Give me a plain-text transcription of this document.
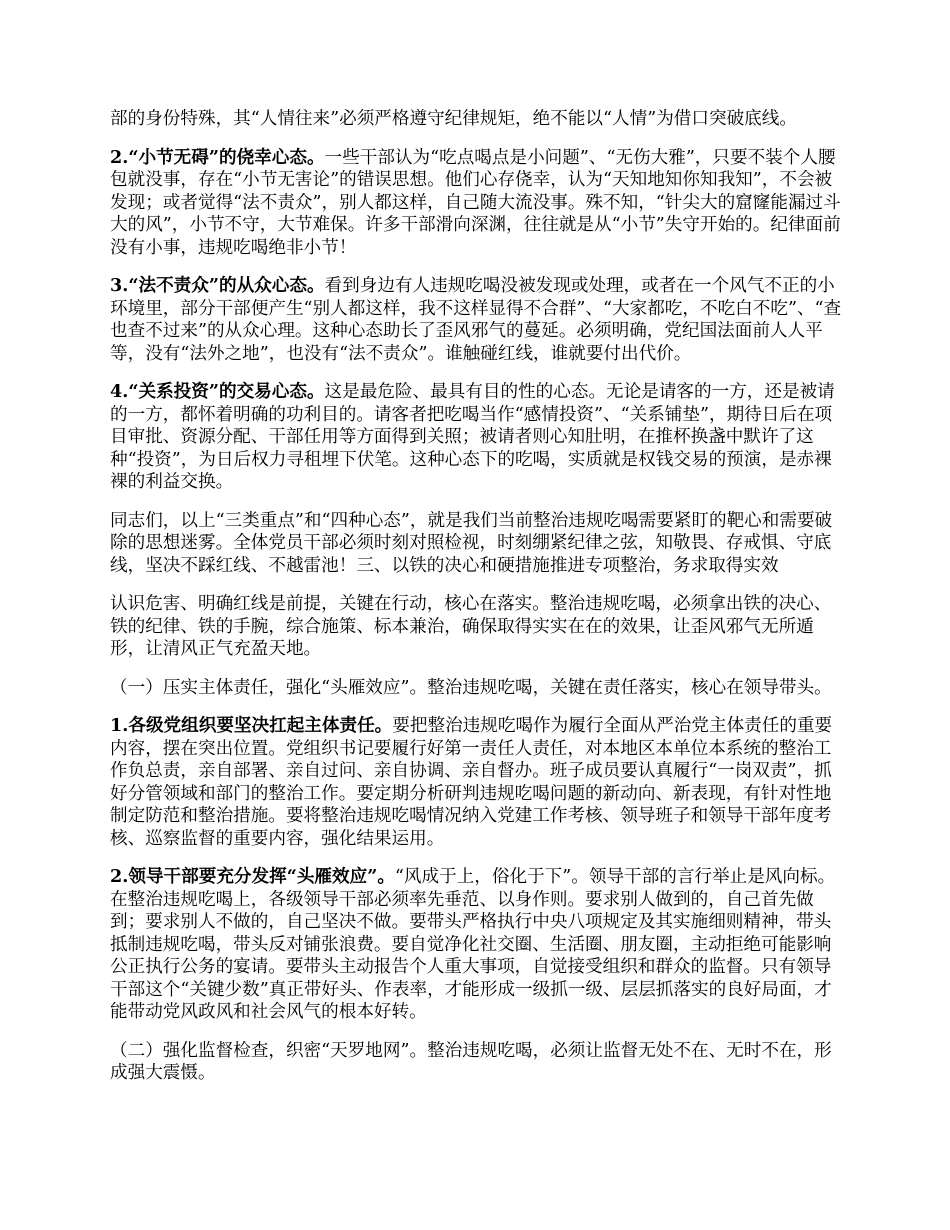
部的身份特殊，其“人情往来”必须严格遵守纪律规矩，绝不能以“人情”为借口突破底线。

2.“小节无碍”的侥幸心态。一些干部认为“吃点喝点是小问题”、“无伤大雅”，只要不装个人腰包就没事，存在“小节无害论”的错误思想。他们心存侥幸，认为“天知地知你知我知”，不会被发现；或者觉得“法不责众”，别人都这样，自己随大流没事。殊不知，“针尖大的窟窿能漏过斗大的风”，小节不守，大节难保。许多干部滑向深渊，往往就是从“小节”失守开始的。纪律面前没有小事，违规吃喝绝非小节！

3.“法不责众”的从众心态。看到身边有人违规吃喝没被发现或处理，或者在一个风气不正的小环境里，部分干部便产生“别人都这样，我不这样显得不合群”、“大家都吃，不吃白不吃”、“查也查不过来”的从众心理。这种心态助长了歪风邪气的蔓延。必须明确，党纪国法面前人人平等，没有“法外之地”，也没有“法不责众”。谁触碰红线，谁就要付出代价。

4.“关系投资”的交易心态。这是最危险、最具有目的性的心态。无论是请客的一方，还是被请的一方，都怀着明确的功利目的。请客者把吃喝当作“感情投资”、“关系铺垫”，期待日后在项目审批、资源分配、干部任用等方面得到关照；被请者则心知肚明，在推杯换盏中默许了这种“投资”，为日后权力寻租埋下伏笔。这种心态下的吃喝，实质就是权钱交易的预演，是赤裸裸的利益交换。

同志们，以上“三类重点”和“四种心态”，就是我们当前整治违规吃喝需要紧盯的靶心和需要破除的思想迷雾。全体党员干部必须时刻对照检视，时刻绷紧纪律之弦，知敬畏、存戒惧、守底线，坚决不踩红线、不越雷池！三、以铁的决心和硬措施推进专项整治，务求取得实效

认识危害、明确红线是前提，关键在行动，核心在落实。整治违规吃喝，必须拿出铁的决心、铁的纪律、铁的手腕，综合施策、标本兼治，确保取得实实在在的效果，让歪风邪气无所遁形，让清风正气充盈天地。

（一）压实主体责任，强化“头雁效应”。整治违规吃喝，关键在责任落实，核心在领导带头。

1.各级党组织要坚决扛起主体责任。要把整治违规吃喝作为履行全面从严治党主体责任的重要内容，摆在突出位置。党组织书记要履行好第一责任人责任，对本地区本单位本系统的整治工作负总责，亲自部署、亲自过问、亲自协调、亲自督办。班子成员要认真履行“一岗双责”，抓好分管领域和部门的整治工作。要定期分析研判违规吃喝问题的新动向、新表现，有针对性地制定防范和整治措施。要将整治违规吃喝情况纳入党建工作考核、领导班子和领导干部年度考核、巡察监督的重要内容，强化结果运用。

2.领导干部要充分发挥“头雁效应”。“风成于上，俗化于下”。领导干部的言行举止是风向标。在整治违规吃喝上，各级领导干部必须率先垂范、以身作则。要求别人做到的，自己首先做到；要求别人不做的，自己坚决不做。要带头严格执行中央八项规定及其实施细则精神，带头抵制违规吃喝，带头反对铺张浪费。要自觉净化社交圈、生活圈、朋友圈，主动拒绝可能影响公正执行公务的宴请。要带头主动报告个人重大事项，自觉接受组织和群众的监督。只有领导干部这个“关键少数”真正带好头、作表率，才能形成一级抓一级、层层抓落实的良好局面，才能带动党风政风和社会风气的根本好转。

（二）强化监督检查，织密“天罗地网”。整治违规吃喝，必须让监督无处不在、无时不在，形成强大震慑。
